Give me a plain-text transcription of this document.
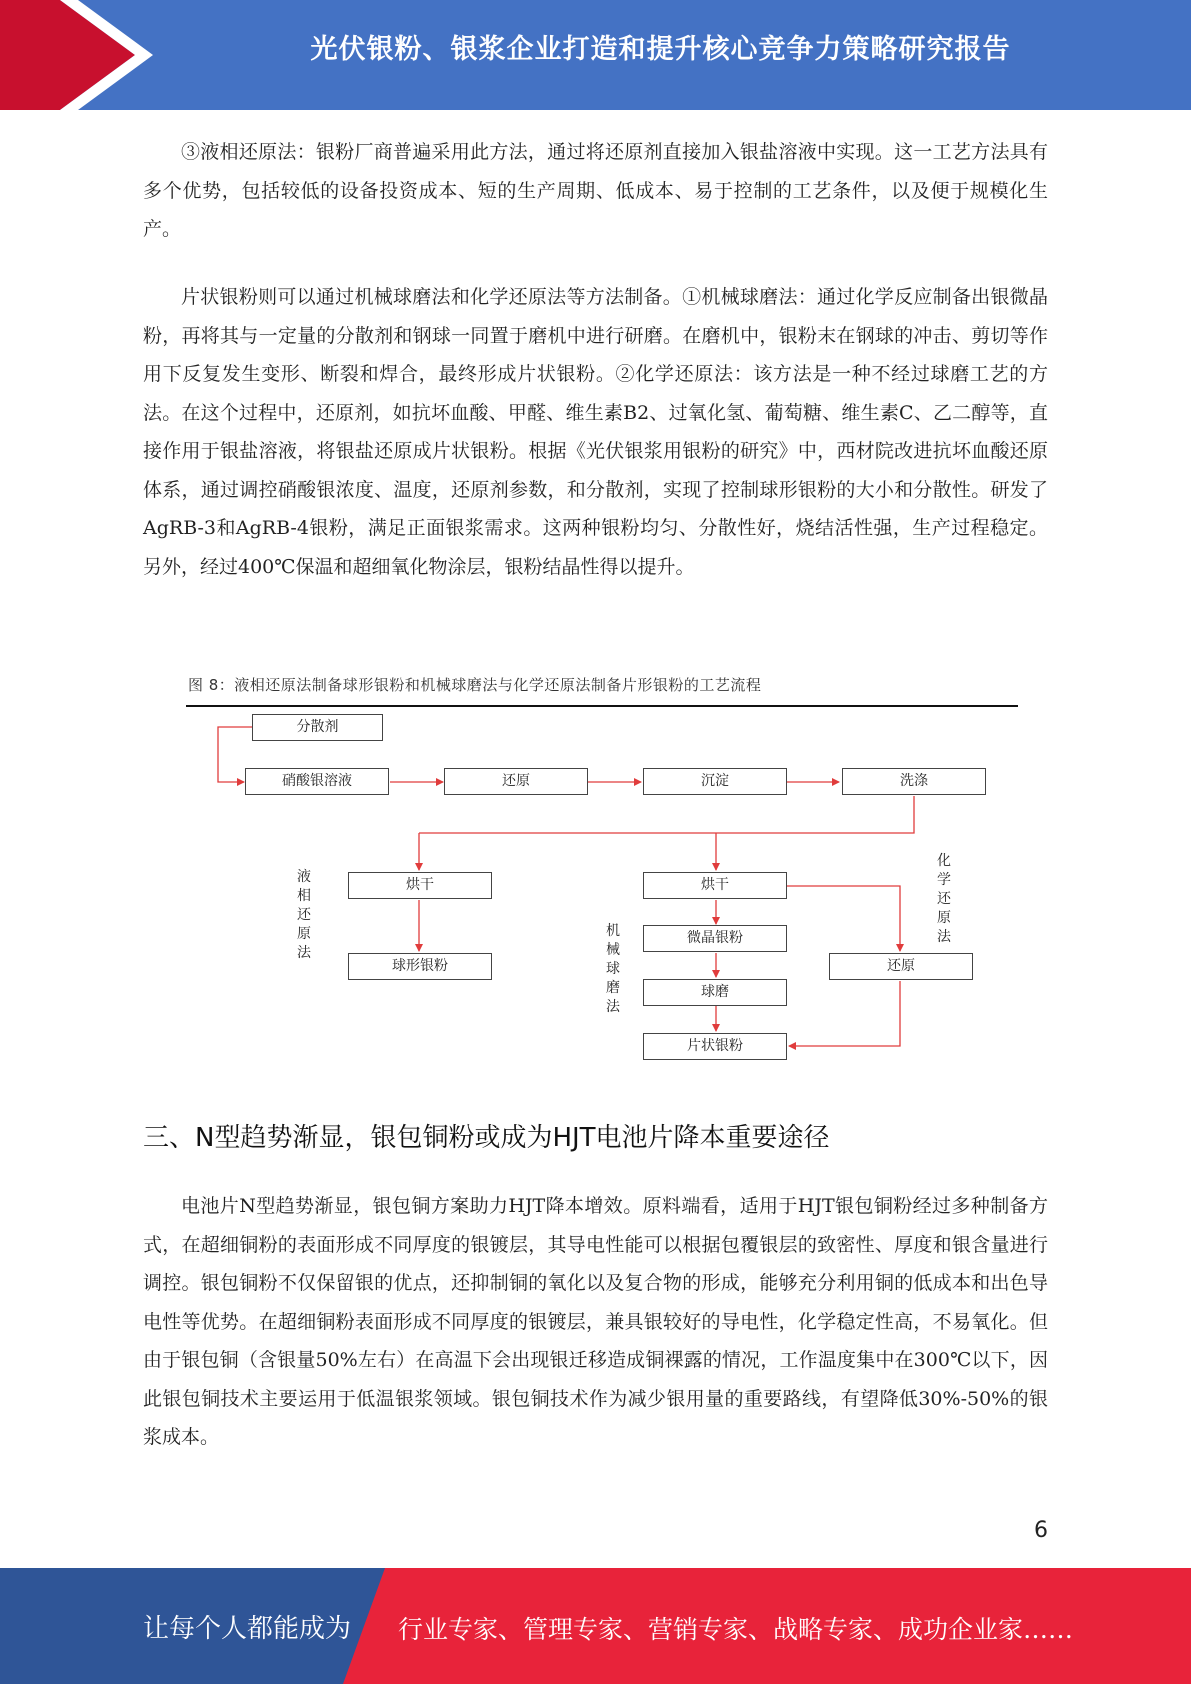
光伏银粉、银浆企业打造和提升核心竞争力策略研究报告

③液相还原法：银粉厂商普遍采用此方法，通过将还原剂直接加入银盐溶液中实现。这一工艺方法具有多个优势，包括较低的设备投资成本、短的生产周期、低成本、易于控制的工艺条件，以及便于规模化生产。

片状银粉则可以通过机械球磨法和化学还原法等方法制备。①机械球磨法：通过化学反应制备出银微晶粉，再将其与一定量的分散剂和钢球一同置于磨机中进行研磨。在磨机中，银粉末在钢球的冲击、剪切等作用下反复发生变形、断裂和焊合，最终形成片状银粉。②化学还原法：该方法是一种不经过球磨工艺的方法。在这个过程中，还原剂，如抗坏血酸、甲醛、维生素B2、过氧化氢、葡萄糖、维生素C、乙二醇等，直接作用于银盐溶液，将银盐还原成片状银粉。根据《光伏银浆用银粉的研究》中，西材院改进抗坏血酸还原体系，通过调控硝酸银浓度、温度，还原剂参数，和分散剂，实现了控制球形银粉的大小和分散性。研发了AgRB-3和AgRB-4银粉，满足正面银浆需求。这两种银粉均匀、分散性好，烧结活性强，生产过程稳定。另外，经过400℃保温和超细氧化物涂层，银粉结晶性得以提升。

图 8：液相还原法制备球形银粉和机械球磨法与化学还原法制备片形银粉的工艺流程
分散剂
硝酸银溶液	还原	沉淀	洗涤
烘干
球形银粉
烘干
微晶银粉
球磨
片状银粉
还原
液相还原法
机械球磨法
化学还原法
三、N型趋势渐显，银包铜粉或成为HJT电池片降本重要途径

电池片N型趋势渐显，银包铜方案助力HJT降本增效。原料端看，适用于HJT银包铜粉经过多种制备方式，在超细铜粉的表面形成不同厚度的银镀层，其导电性能可以根据包覆银层的致密性、厚度和银含量进行调控。银包铜粉不仅保留银的优点，还抑制铜的氧化以及复合物的形成，能够充分利用铜的低成本和出色导电性等优势。在超细铜粉表面形成不同厚度的银镀层，兼具银较好的导电性，化学稳定性高，不易氧化。但由于银包铜（含银量50%左右）在高温下会出现银迁移造成铜裸露的情况，工作温度集中在300℃以下，因此银包铜技术主要运用于低温银浆领域。银包铜技术作为减少银用量的重要路线，有望降低30%-50%的银浆成本。

6
让每个人都能成为 行业专家、管理专家、营销专家、战略专家、成功企业家……
